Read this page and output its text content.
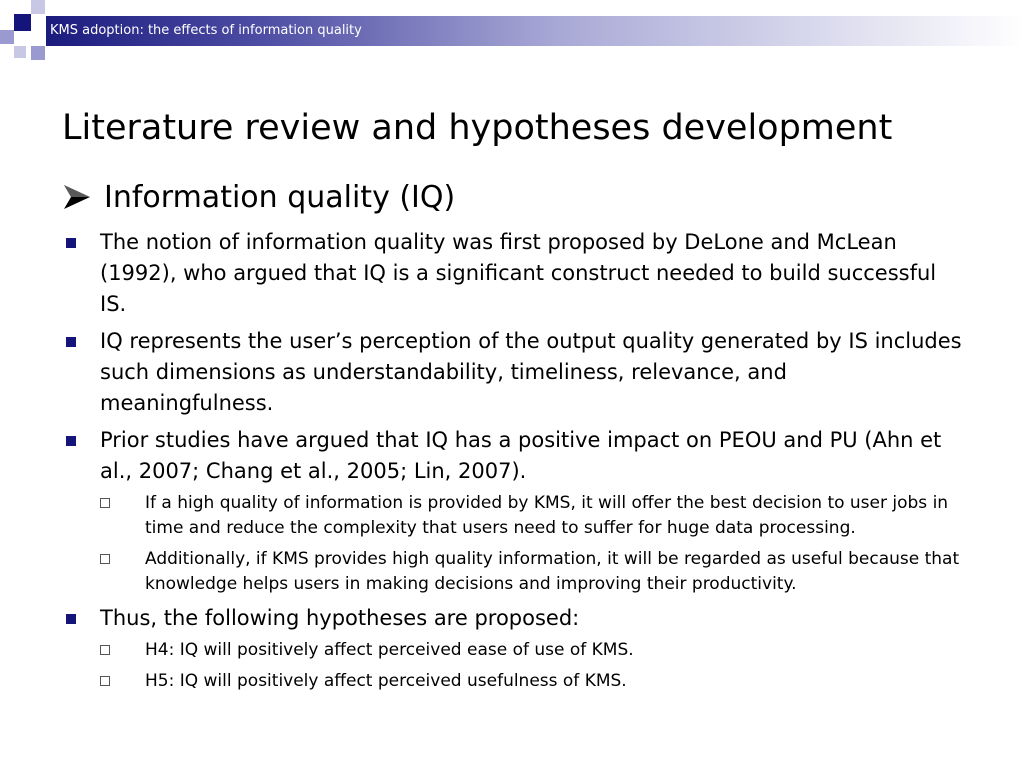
KMS adoption: the effects of information quality
Literature review and hypotheses development
Information quality (IQ)
The notion of information quality was first proposed by DeLone and McLean (1992), who argued that IQ is a significant construct needed to build successful IS.
IQ represents the user’s perception of the output quality generated by IS includes such dimensions as understandability, timeliness, relevance, and meaningfulness.
Prior studies have argued that IQ has a positive impact on PEOU and PU (Ahn et al., 2007; Chang et al., 2005; Lin, 2007).
If a high quality of information is provided by KMS, it will offer the best decision to user jobs in time and reduce the complexity that users need to suffer for huge data processing.
Additionally, if KMS provides high quality information, it will be regarded as useful because that knowledge helps users in making decisions and improving their productivity.
Thus, the following hypotheses are proposed:
H4: IQ will positively affect perceived ease of use of KMS.
H5: IQ will positively affect perceived usefulness of KMS.
